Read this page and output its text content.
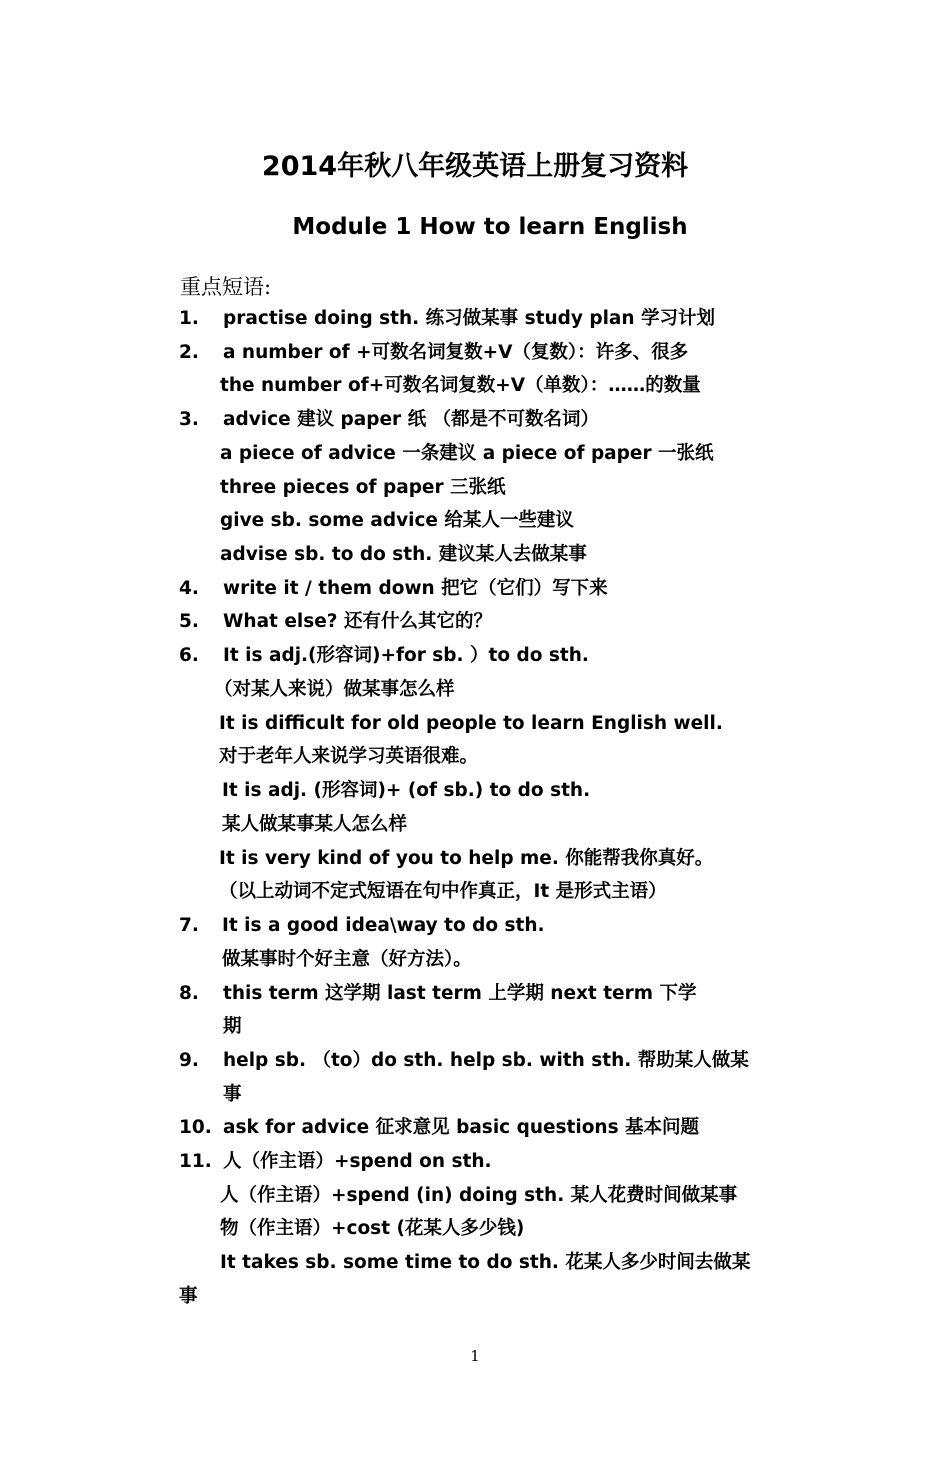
2014年秋八年级英语上册复习资料
Module 1 How to learn English
重点短语:
1.
2.
3.
4.
5.
6.
7.
8.
9.
10.
11.
practise doing sth. 练习做某事 study plan 学习计划
a number of +可数名词复数+V（复数）：许多、很多
the number of+可数名词复数+V（单数）：……的数量
advice 建议 paper 纸 （都是不可数名词）
a piece of advice 一条建议 a piece of paper 一张纸
three pieces of paper 三张纸
give sb. some advice 给某人一些建议
advise sb. to do sth. 建议某人去做某事
write it / them down 把它（它们）写下来
What else? 还有什么其它的？
It is adj.(形容词)+for sb. ）to do sth.
（对某人来说）做某事怎么样
It is difficult for old people to learn English well.
对于老年人来说学习英语很难。
It is adj. (形容词)+ (of sb.) to do sth.
某人做某事某人怎么样
It is very kind of you to help me. 你能帮我你真好。
（以上动词不定式短语在句中作真正，It 是形式主语）
It is a good idea\way to do sth.
做某事时个好主意（好方法）。
this term 这学期 last term 上学期 next term 下学
期
help sb. （to）do sth. help sb. with sth. 帮助某人做某
事
ask for advice 征求意见 basic questions 基本问题
人（作主语）+spend on sth.
人（作主语）+spend (in) doing sth. 某人花费时间做某事
物（作主语）+cost (花某人多少钱)
It takes sb. some time to do sth. 花某人多少时间去做某
事
1
